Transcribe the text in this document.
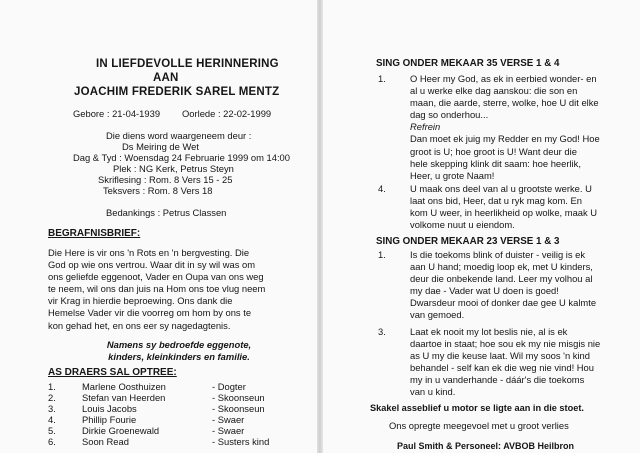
IN LIEFDEVOLLE HERINNERING
AAN
JOACHIM FREDERIK SAREL MENTZ
Gebore : 21-04-1939 Oorlede : 22-02-1999
Die diens word waargeneem deur :
Ds Meiring de Wet
Dag & Tyd : Woensdag 24 Februarie 1999 om 14:00
Plek : NG Kerk, Petrus Steyn
Skriflesing : Rom. 8 Vers 15 - 25
Teksvers : Rom. 8 Vers 18
Bedankings : Petrus Classen
BEGRAFNISBRIEF:
Die Here is vir ons 'n Rots en 'n bergvesting. Die
God op wie ons vertrou. Waar dit in sy wil was om
ons geliefde eggenoot, Vader en Oupa van ons weg
te neem, wil ons dan juis na Hom ons toe vlug neem
vir Krag in hierdie beproewing. Ons dank die
Hemelse Vader vir die voorreg om hom by ons te
kon gehad het, en ons eer sy nagedagtenis.
Namens sy bedroefde eggenote,
kinders, kleinkinders en familie.
AS DRAERS SAL OPTREE:
1.	Marlene Oosthuizen	- Dogter
2.	Stefan van Heerden	- Skoonseun
3.	Louis Jacobs	- Skoonseun
4.	Phillip Fourie	- Swaer
5.	Dirkie Groenewald	- Swaer
6.	Soon Read	- Susters kind
SING ONDER MEKAAR 35 VERSE 1 & 4
1.	O Heer my God, as ek in eerbied wonder- en
al u werke elke dag aanskou: die son en
maan, die aarde, sterre, wolke, hoe U dit elke
dag so onderhou...
Refrein
Dan moet ek juig my Redder en my God! Hoe
groot is U; hoe groot is U! Want deur die
hele skepping klink dit saam: hoe heerlik,
Heer, u grote Naam!
4.	U maak ons deel van al u grootste werke. U
laat ons bid, Heer, dat u ryk mag kom. En
kom U weer, in heerlikheid op wolke, maak U
volkome nuut u eiendom.
SING ONDER MEKAAR 23 VERSE 1 & 3
1.	Is die toekoms blink of duister - veilig is ek
aan U hand; moedig loop ek, met U kinders,
deur die onbekende land. Leer my volhou al
my dae - Vader wat U doen is goed!
Dwarsdeur mooi of donker dae gee U kalmte
van gemoed.
3.	Laat ek nooit my lot beslis nie, al is ek
daartoe in staat; hoe sou ek my nie misgis nie
as U my die keuse laat. Wil my soos 'n kind
behandel - self kan ek die weg nie vind! Hou
my in u vanderhande - dáár's die toekoms
van u kind.
Skakel asseblief u motor se ligte aan in die stoet.
Ons opregte meegevoel met u groot verlies
Paul Smith & Personeel: AVBOB Heilbron
